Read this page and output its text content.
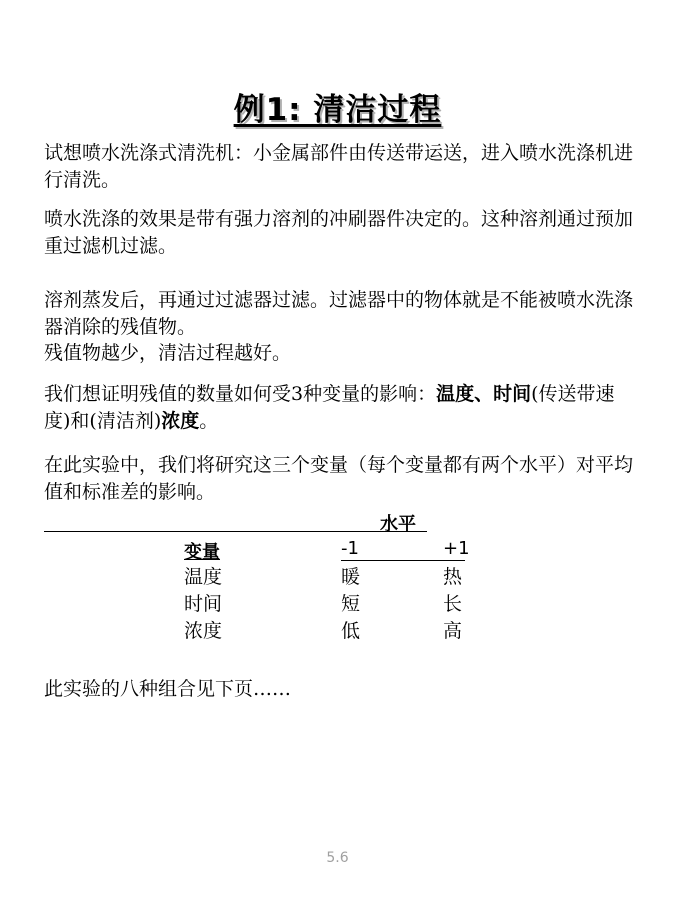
例1: 清洁过程

试想喷水洗涤式清洗机：小金属部件由传送带运送，进入喷水洗涤机进行清洗。

喷水洗涤的效果是带有强力溶剂的冲刷器件决定的。这种溶剂通过预加重过滤机过滤。

溶剂蒸发后，再通过过滤器过滤。过滤器中的物体就是不能被喷水洗涤器消除的残值物。

残值物越少，清洁过程越好。

我们想证明残值的数量如何受3种变量的影响：温度、时间(传送带速度)和(清洁剂)浓度。

在此实验中，我们将研究这三个变量（每个变量都有两个水平）对平均值和标准差的影响。

水平
变量	-1	+1
温度	暖	热
时间	短	长
浓度	低	高

此实验的八种组合见下页……

5.6
